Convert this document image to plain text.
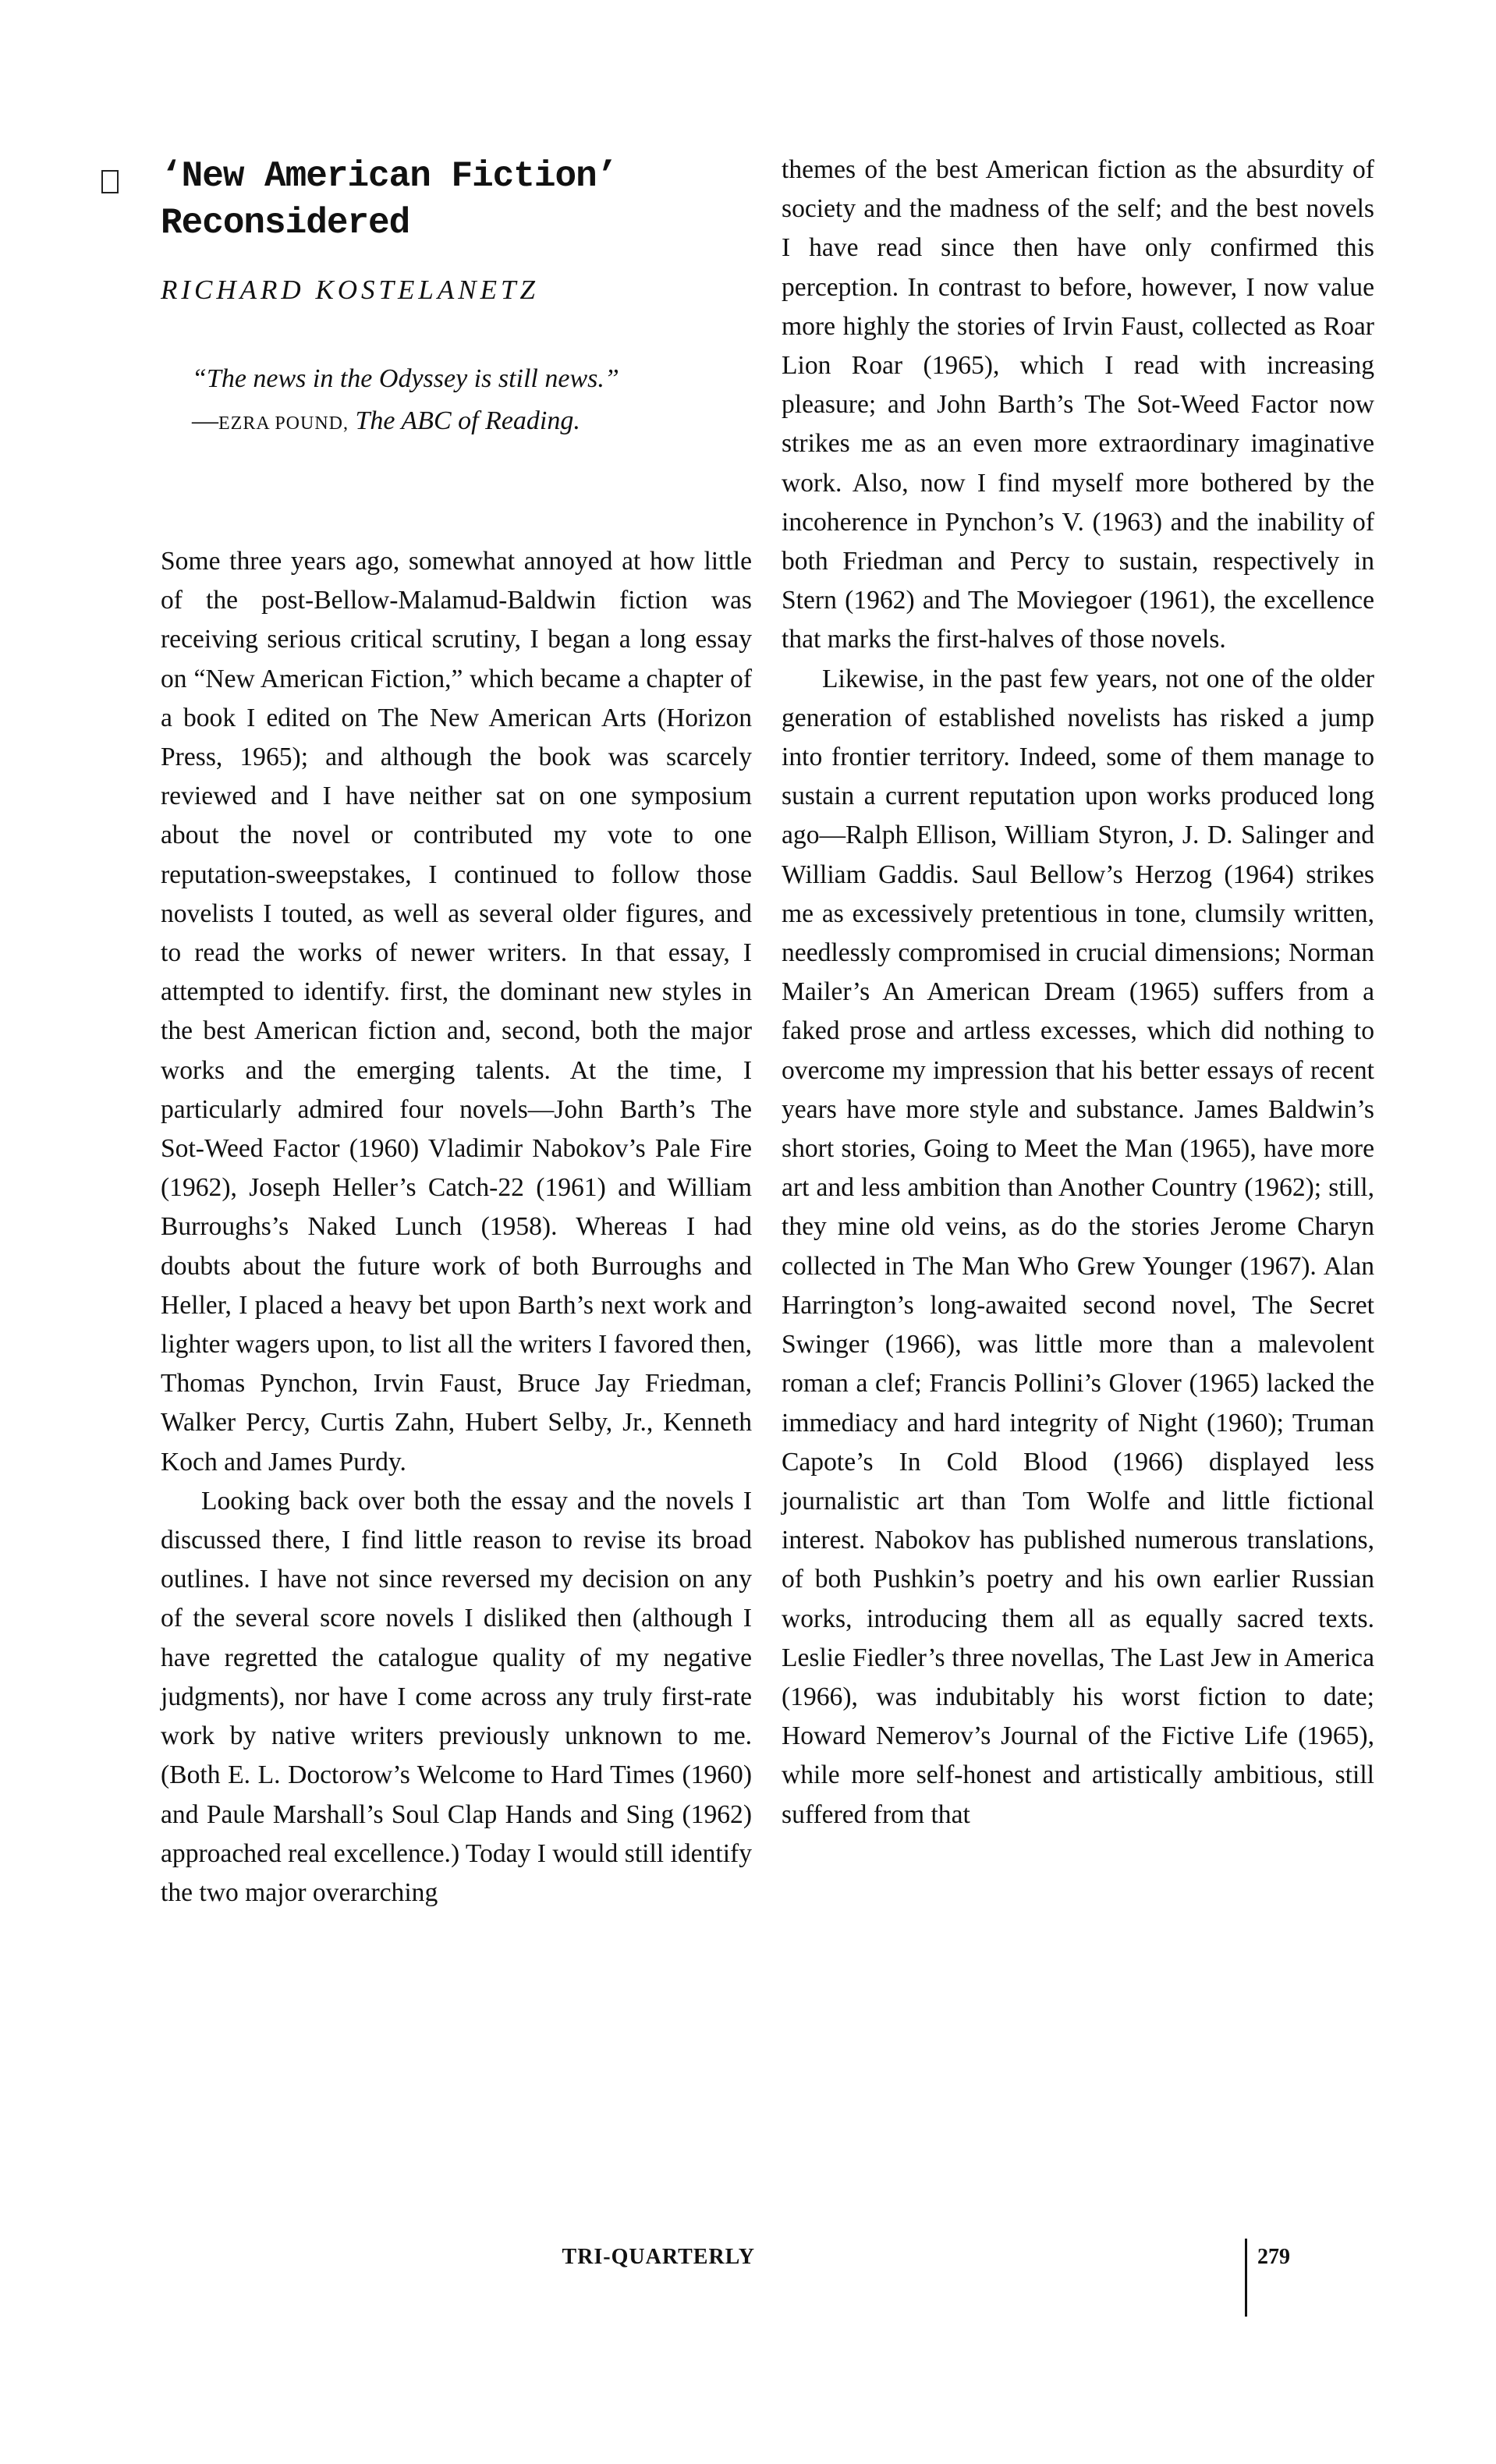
‘New American Fiction’
Reconsidered

RICHARD KOSTELANETZ

“The news in the Odyssey is still news.”

—EZRA POUND, The ABC of Reading.

Some three years ago, somewhat annoyed at how little of the post-Bellow-Malamud-Baldwin fiction was receiving serious critical scrutiny, I began a long essay on “New American Fiction,” which became a chapter of a book I edited on The New American Arts (Horizon Press, 1965); and although the book was scarcely reviewed and I have neither sat on one symposium about the novel or contributed my vote to one reputation-sweepstakes, I continued to follow those novelists I touted, as well as several older figures, and to read the works of newer writers. In that essay, I attempted to identify. first, the dominant new styles in the best American fiction and, second, both the major works and the emerging talents. At the time, I particularly admired four novels—John Barth’s The Sot-Weed Factor (1960) Vladimir Nabokov’s Pale Fire (1962), Joseph Heller’s Catch-22 (1961) and William Burroughs’s Naked Lunch (1958). Whereas I had doubts about the future work of both Burroughs and Heller, I placed a heavy bet upon Barth’s next work and lighter wagers upon, to list all the writers I favored then, Thomas Pynchon, Irvin Faust, Bruce Jay Friedman, Walker Percy, Curtis Zahn, Hubert Selby, Jr., Kenneth Koch and James Purdy.

Looking back over both the essay and the novels I discussed there, I find little reason to revise its broad outlines. I have not since reversed my decision on any of the several score novels I disliked then (although I have regretted the catalogue quality of my negative judgments), nor have I come across any truly first-rate work by native writers previously unknown to me. (Both E. L. Doctorow’s Welcome to Hard Times (1960) and Paule Marshall’s Soul Clap Hands and Sing (1962) approached real excellence.) Today I would still identify the two major overarching

themes of the best American fiction as the absurdity of society and the madness of the self; and the best novels I have read since then have only confirmed this perception. In contrast to before, however, I now value more highly the stories of Irvin Faust, collected as Roar Lion Roar (1965), which I read with increasing pleasure; and John Barth’s The Sot-Weed Factor now strikes me as an even more extraordinary imaginative work. Also, now I find myself more bothered by the incoherence in Pynchon’s V. (1963) and the inability of both Friedman and Percy to sustain, respectively in Stern (1962) and The Moviegoer (1961), the excellence that marks the first-halves of those novels.

Likewise, in the past few years, not one of the older generation of established novelists has risked a jump into frontier territory. Indeed, some of them manage to sustain a current reputation upon works produced long ago—Ralph Ellison, William Styron, J. D. Salinger and William Gaddis. Saul Bellow’s Herzog (1964) strikes me as excessively pretentious in tone, clumsily written, needlessly compromised in crucial dimensions; Norman Mailer’s An American Dream (1965) suffers from a faked prose and artless excesses, which did nothing to overcome my impression that his better essays of recent years have more style and substance. James Baldwin’s short stories, Going to Meet the Man (1965), have more art and less ambition than Another Country (1962); still, they mine old veins, as do the stories Jerome Charyn collected in The Man Who Grew Younger (1967). Alan Harrington’s long-awaited second novel, The Secret Swinger (1966), was little more than a malevolent roman a clef; Francis Pollini’s Glover (1965) lacked the immediacy and hard integrity of Night (1960); Truman Capote’s In Cold Blood (1966) displayed less journalistic art than Tom Wolfe and little fictional interest. Nabokov has published numerous translations, of both Pushkin’s poetry and his own earlier Russian works, introducing them all as equally sacred texts. Leslie Fiedler’s three novellas, The Last Jew in America (1966), was indubitably his worst fiction to date; Howard Nemerov’s Journal of the Fictive Life (1965), while more self-honest and artistically ambitious, still suffered from that

TRI-QUARTERLY	279
